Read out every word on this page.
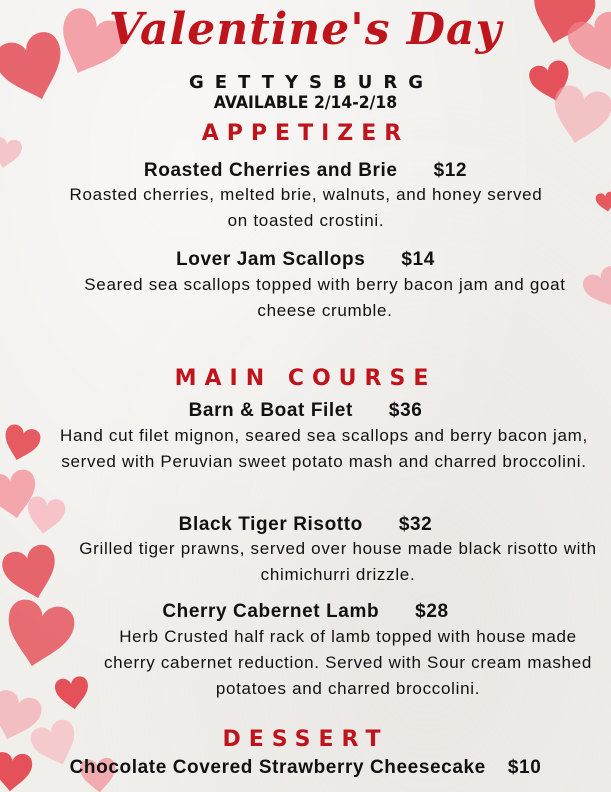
Valentine's Day
GETTYSBURG
AVAILABLE 2/14-2/18
APPETIZER
Roasted Cherries and Brie $12
Roasted cherries, melted brie, walnuts, and honey served on toasted crostini.
Lover Jam Scallops $14
Seared sea scallops topped with berry bacon jam and goat cheese crumble.
MAIN COURSE
Barn & Boat Filet $36
Hand cut filet mignon, seared sea scallops and berry bacon jam, served with Peruvian sweet potato mash and charred broccolini.
Black Tiger Risotto $32
Grilled tiger prawns, served over house made black risotto with chimichurri drizzle.
Cherry Cabernet Lamb $28
Herb Crusted half rack of lamb topped with house made cherry cabernet reduction. Served with Sour cream mashed potatoes and charred broccolini.
DESSERT
Chocolate Covered Strawberry Cheesecake $10
